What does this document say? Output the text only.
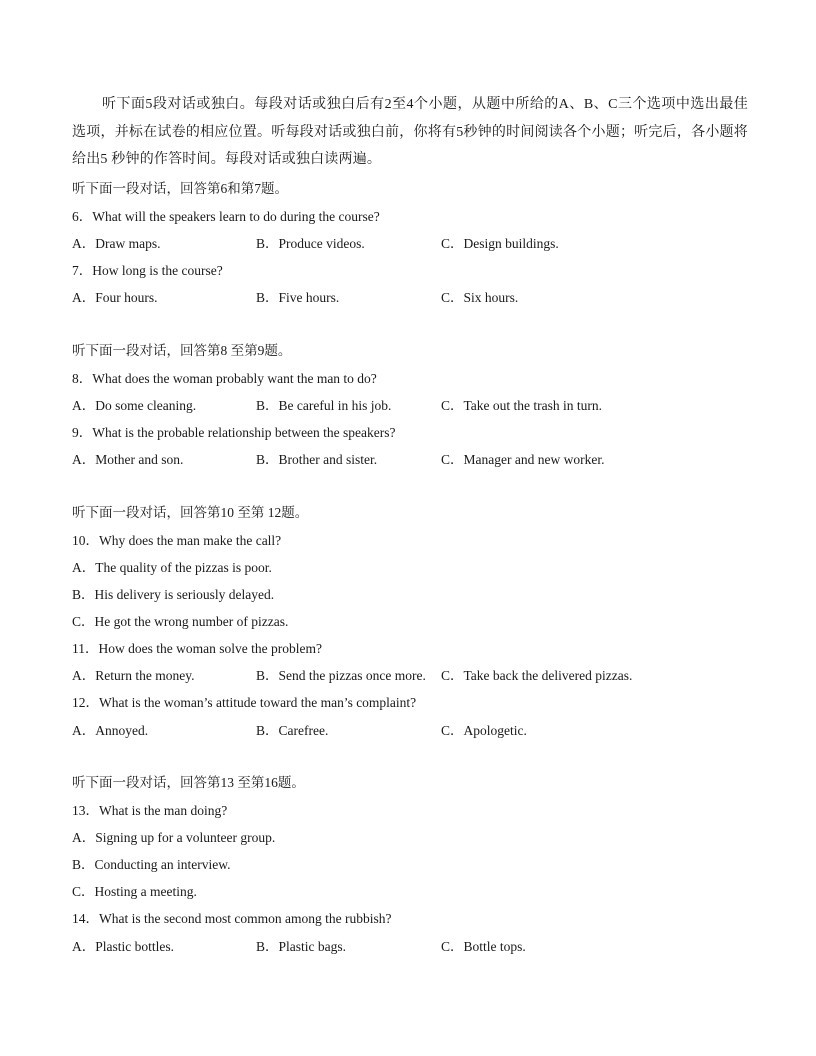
听下面5段对话或独白。每段对话或独白后有2至4个小题，从题中所给的A、B、C三个选项中选出最佳选项，并标在试卷的相应位置。听每段对话或独白前，你将有5秒钟的时间阅读各个小题；听完后，各小题将给出5 秒钟的作答时间。每段对话或独白读两遍。
听下面一段对话，回答第6和第7题。
6．What will the speakers learn to do during the course?
A．Draw maps.	B．Produce videos.	C．Design buildings.
7．How long is the course?
A．Four hours.	B．Five hours.	C．Six hours.
听下面一段对话，回答第8 至第9题。
8．What does the woman probably want the man to do?
A．Do some cleaning.	B．Be careful in his job.	C．Take out the trash in turn.
9．What is the probable relationship between the speakers?
A．Mother and son.	B．Brother and sister.	C．Manager and new worker.
听下面一段对话，回答第10 至第 12题。
10．Why does the man make the call?
A．The quality of the pizzas is poor.
B．His delivery is seriously delayed.
C．He got the wrong number of pizzas.
11．How does the woman solve the problem?
A．Return the money.	B．Send the pizzas once more. C．Take back the delivered pizzas.
12．What is the woman’s attitude toward the man’s complaint?
A．Annoyed.	B．Carefree.	C．Apologetic.
听下面一段对话，回答第13 至第16题。
13．What is the man doing?
A．Signing up for a volunteer group.
B．Conducting an interview.
C．Hosting a meeting.
14．What is the second most common among the rubbish?
A．Plastic bottles.	B．Plastic bags.	C．Bottle tops.
